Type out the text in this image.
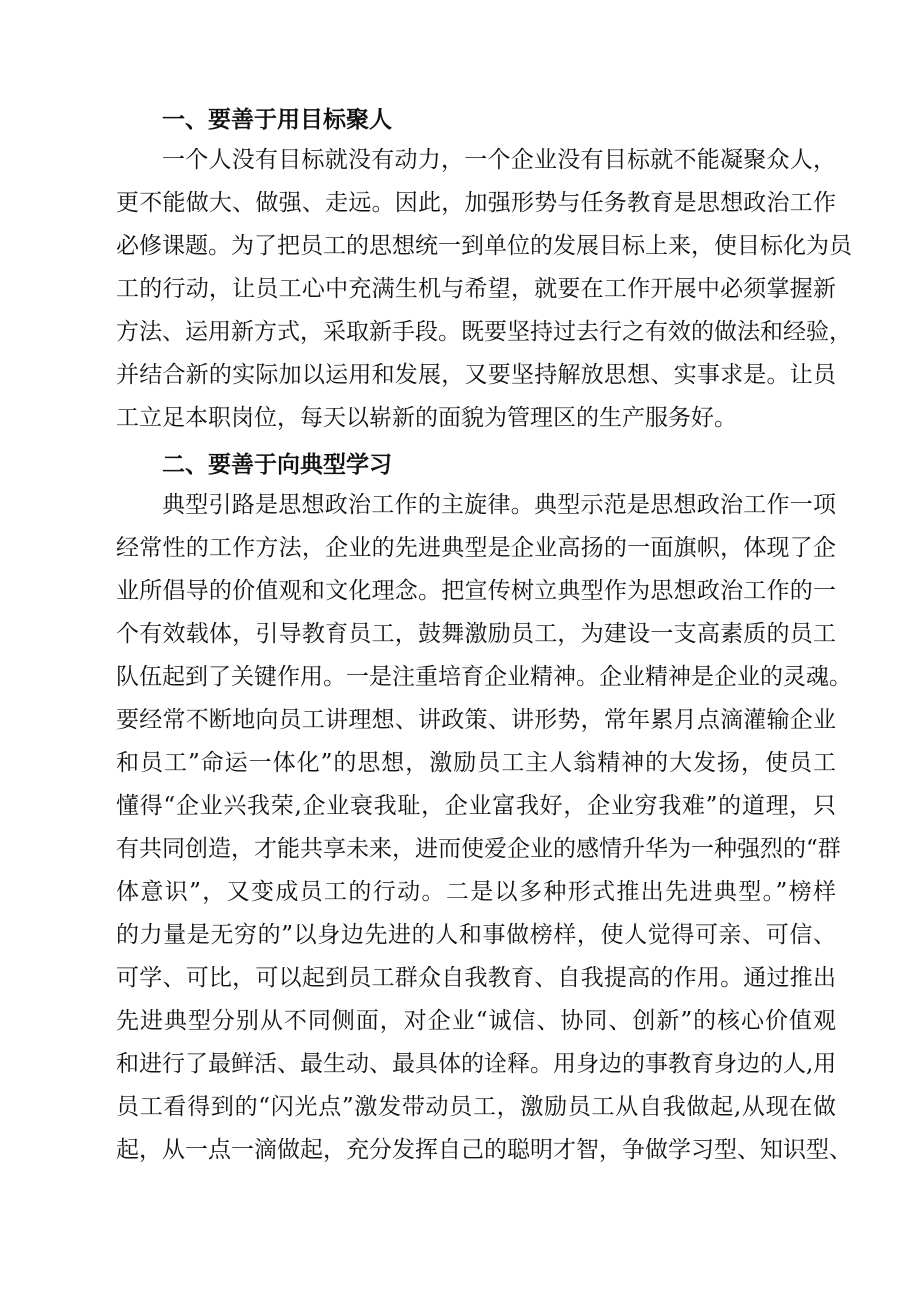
一、要善于用目标聚人
一个人没有目标就没有动力，一个企业没有目标就不能凝聚众人，
更不能做大、做强、走远。因此，加强形势与任务教育是思想政治工作
必修课题。为了把员工的思想统一到单位的发展目标上来，使目标化为员
工的行动，让员工心中充满生机与希望，就要在工作开展中必须掌握新
方法、运用新方式，采取新手段。既要坚持过去行之有效的做法和经验，
并结合新的实际加以运用和发展，又要坚持解放思想、实事求是。让员
工立足本职岗位，每天以崭新的面貌为管理区的生产服务好。
二、要善于向典型学习
典型引路是思想政治工作的主旋律。典型示范是思想政治工作一项
经常性的工作方法，企业的先进典型是企业高扬的一面旗帜，体现了企
业所倡导的价值观和文化理念。把宣传树立典型作为思想政治工作的一
个有效载体，引导教育员工，鼓舞激励员工，为建设一支高素质的员工
队伍起到了关键作用。一是注重培育企业精神。企业精神是企业的灵魂。
要经常不断地向员工讲理想、讲政策、讲形势，常年累月点滴灌输企业
和员工”命运一体化”的思想，激励员工主人翁精神的大发扬，使员工
懂得“企业兴我荣,企业衰我耻，企业富我好，企业穷我难”的道理，只
有共同创造，才能共享未来，进而使爱企业的感情升华为一种强烈的“群
体意识”，又变成员工的行动。二是以多种形式推出先进典型。”榜样
的力量是无穷的”以身边先进的人和事做榜样，使人觉得可亲、可信、
可学、可比，可以起到员工群众自我教育、自我提高的作用。通过推出
先进典型分别从不同侧面，对企业“诚信、协同、创新”的核心价值观
和进行了最鲜活、最生动、最具体的诠释。用身边的事教育身边的人,用
员工看得到的“闪光点”激发带动员工，激励员工从自我做起,从现在做
起，从一点一滴做起，充分发挥自己的聪明才智，争做学习型、知识型、
